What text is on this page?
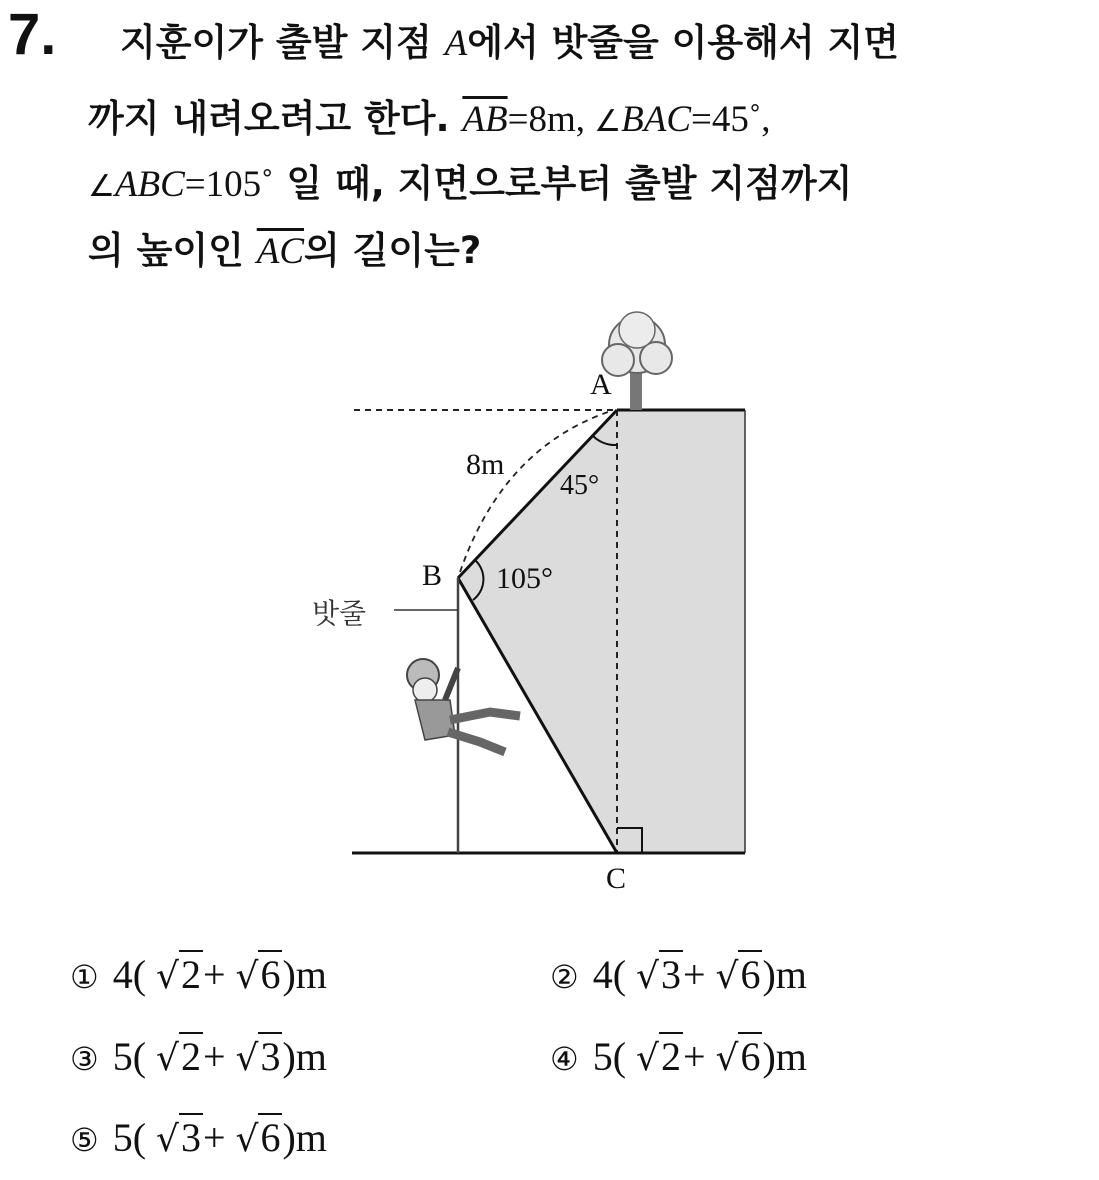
7. 지훈이가 출발 지점 A에서 밧줄을 이용해서 지면
까지 내려오려고 한다. $\overline{AB}=8m$, ∠BAC=45˚,
∠ABC=105˚ 일 때, 지면으로부터 출발 지점까지
의 높이인 $\overline{AC}$의 길이는?
A
B
C
8m
45°
105°
밧줄
① 4( √2+ √6)m	② 4( √3+ √6)m
③ 5( √2+ √3)m	④ 5( √2+ √6)m
⑤ 5( √3+ √6)m
